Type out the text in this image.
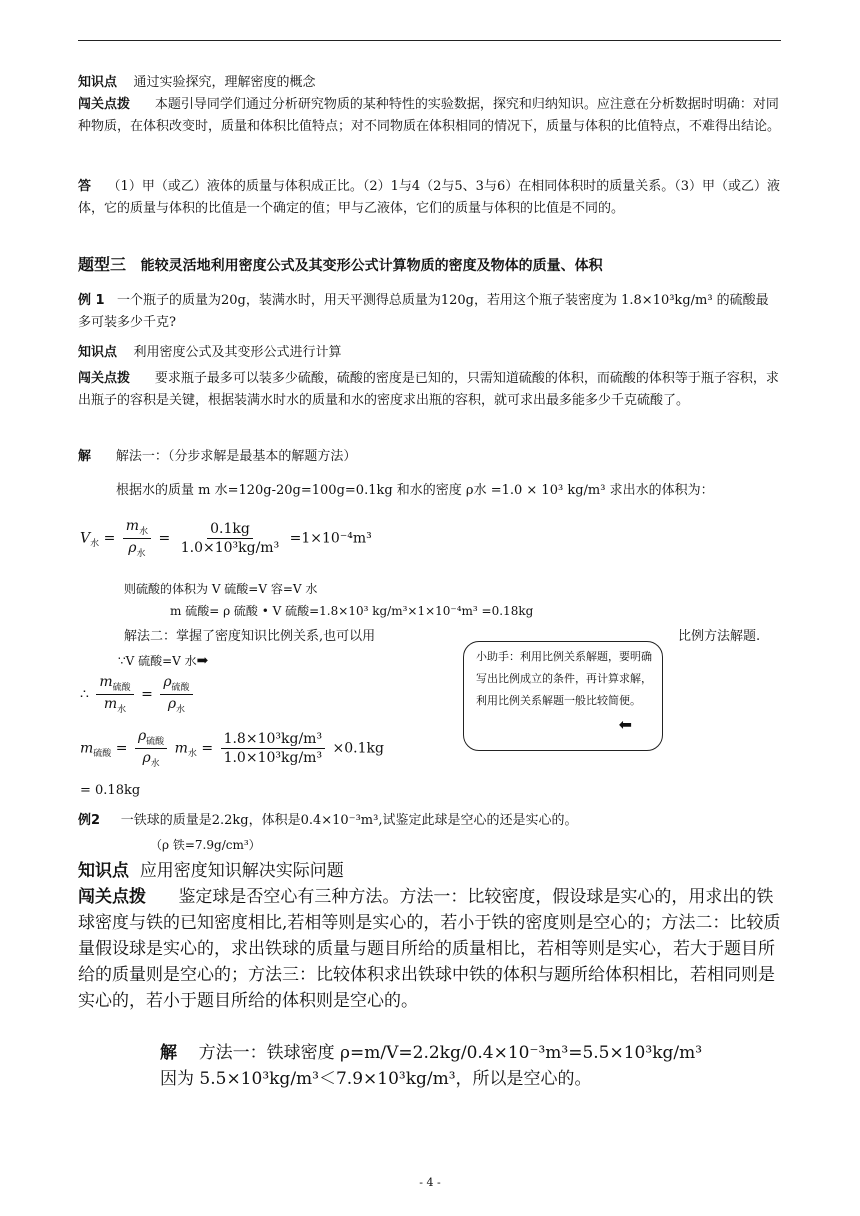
知识点 通过实验探究，理解密度的概念

闯关点拨 本题引导同学们通过分析研究物质的某种特性的实验数据，探究和归纳知识。应注意在分析数据时明确：对同种物质，在体积改变时，质量和体积比值特点；对不同物质在体积相同的情况下，质量与体积的比值特点，不难得出结论。

答 （1）甲（或乙）液体的质量与体积成正比。（2）1与4（2与5、3与6）在相同体积时的质量关系。（3）甲（或乙）液体，它的质量与体积的比值是一个确定的值；甲与乙液体，它们的质量与体积的比值是不同的。

题型三 能较灵活地利用密度公式及其变形公式计算物质的密度及物体的质量、体积

例 1 一个瓶子的质量为20g，装满水时，用天平测得总质量为120g，若用这个瓶子装密度为 1.8×10³kg/m³ 的硫酸最多可装多少千克?

知识点 利用密度公式及其变形公式进行计算

闯关点拨 要求瓶子最多可以装多少硫酸，硫酸的密度是已知的，只需知道硫酸的体积，而硫酸的体积等于瓶子容积，求出瓶子的容积是关键，根据装满水时水的质量和水的密度求出瓶的容积，就可求出最多能多少千克硫酸了。

解 解法一：（分步求解是最基本的解题方法）

根据水的质量 m 水=120g-20g=100g=0.1kg 和水的密度 ρ水 =1.0 × 10³ kg/m³ 求出水的体积为：

$V_水 = \frac{m_水}{\rho_水} = \frac{0.1kg}{\text{1.0×10³kg/m³}} =1\times 10^{-4}m^3$

则硫酸的体积为 V 硫酸=V 容=V 水

m 硫酸= ρ 硫酸 • V 硫酸=1.8×10³ kg/m³×1×10⁻⁴m³ =0.18kg

解法二：掌握了密度知识比例关系,也可以用	比例方法解题.

∵V 硫酸=V 水➡

∴ $\frac{m_{硫酸}}{m_水} = \frac{\rho_{硫酸}}{\rho_水}$
$m_{硫酸} = \frac{\rho_{硫酸}}{\rho_水} m_水 = \frac{\text{1.8×10³kg/m³}}{\text{1.0×10³kg/m³}} \times 0.1kg$

= 0.18kg

小助手：利用比例关系解题，要明确写出比例成立的条件，再计算求解，利用比例关系解题一般比较简便。
⬅

例2 一铁球的质量是2.2kg，体积是0.4×10⁻³m³,试鉴定此球是空心的还是实心的。

（ρ 铁=7.9g/cm³）

知识点 应用密度知识解决实际问题

闯关点拨 鉴定球是否空心有三种方法。方法一：比较密度，假设球是实心的，用求出的铁球密度与铁的已知密度相比,若相等则是实心的，若小于铁的密度则是空心的；方法二：比较质量假设球是实心的，求出铁球的质量与题目所给的质量相比，若相等则是实心，若大于题目所给的质量则是空心的；方法三：比较体积求出铁球中铁的体积与题所给体积相比，若相同则是实心的，若小于题目所给的体积则是空心的。

解 方法一：铁球密度 ρ=m/V=2.2kg/0.4×10⁻³m³=5.5×10³kg/m³

因为 5.5×10³kg/m³＜7.9×10³kg/m³，所以是空心的。

- 4 -
